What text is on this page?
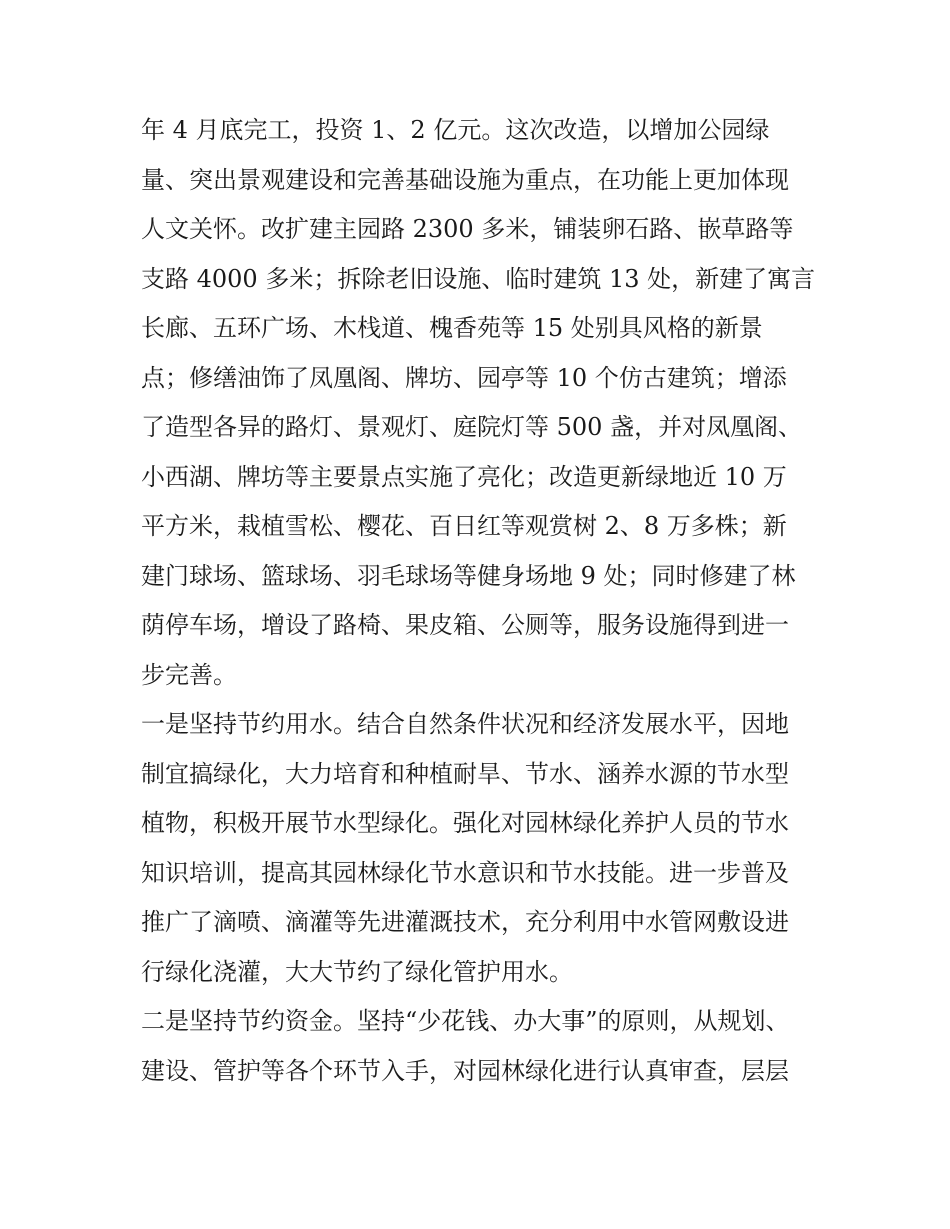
年 4 月底完工，投资 1、2 亿元。这次改造，以增加公园绿
量、突出景观建设和完善基础设施为重点，在功能上更加体现
人文关怀。改扩建主园路 2300 多米，铺装卵石路、嵌草路等
支路 4000 多米；拆除老旧设施、临时建筑 13 处，新建了寓言
长廊、五环广场、木栈道、槐香苑等 15 处别具风格的新景
点；修缮油饰了凤凰阁、牌坊、园亭等 10 个仿古建筑；增添
了造型各异的路灯、景观灯、庭院灯等 500 盏，并对凤凰阁、
小西湖、牌坊等主要景点实施了亮化；改造更新绿地近 10 万
平方米，栽植雪松、樱花、百日红等观赏树 2、8 万多株；新
建门球场、篮球场、羽毛球场等健身场地 9 处；同时修建了林
荫停车场，增设了路椅、果皮箱、公厕等，服务设施得到进一
步完善。
一是坚持节约用水。结合自然条件状况和经济发展水平，因地
制宜搞绿化，大力培育和种植耐旱、节水、涵养水源的节水型
植物，积极开展节水型绿化。强化对园林绿化养护人员的节水
知识培训，提高其园林绿化节水意识和节水技能。进一步普及
推广了滴喷、滴灌等先进灌溉技术，充分利用中水管网敷设进
行绿化浇灌，大大节约了绿化管护用水。
二是坚持节约资金。坚持“少花钱、办大事”的原则，从规划、
建设、管护等各个环节入手，对园林绿化进行认真审查，层层
